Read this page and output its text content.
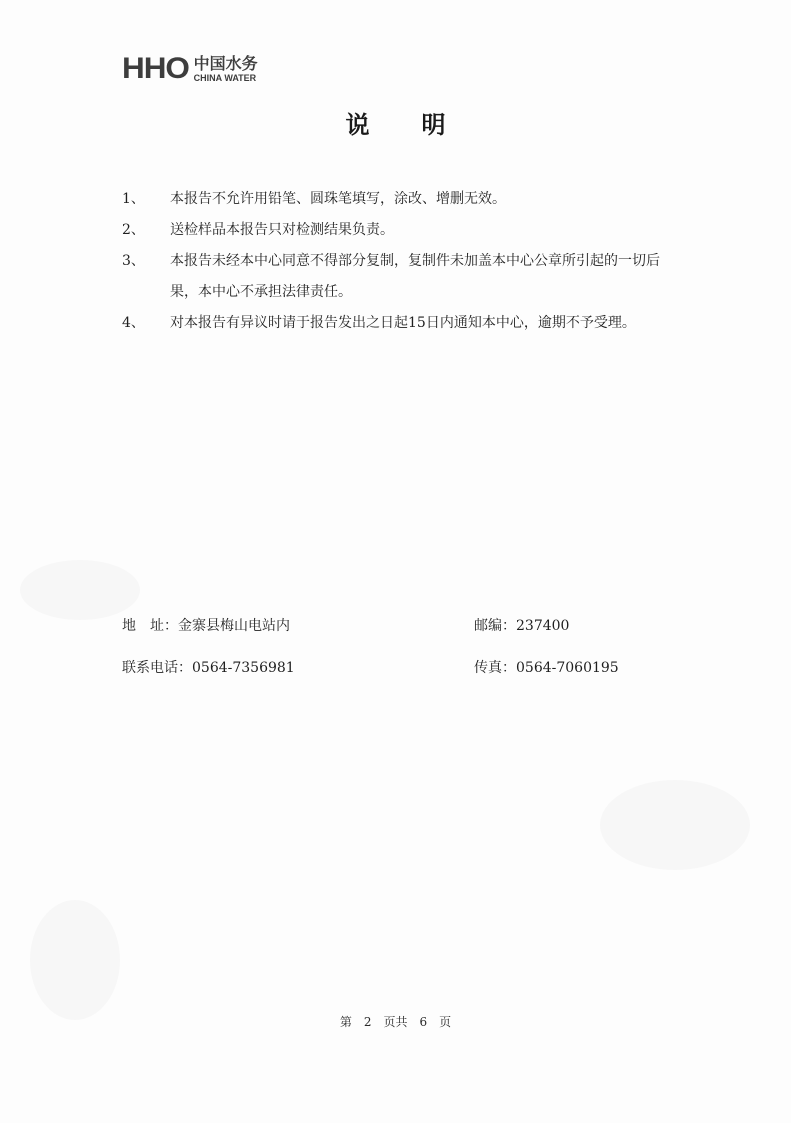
HHO 中国水务
CHINA WATER
说明
1、	本报告不允许用铅笔、圆珠笔填写，涂改、增删无效。
2、	送检样品本报告只对检测结果负责。
3、	本报告未经本中心同意不得部分复制，复制件未加盖本中心公章所引起的一切后果，本中心不承担法律责任。
4、	对本报告有异议时请于报告发出之日起15日内通知本中心，逾期不予受理。
地　址：金寨县梅山电站内	邮编：237400
联系电话：0564-7356981	传真：0564-7060195
第　2　页共　6　页
